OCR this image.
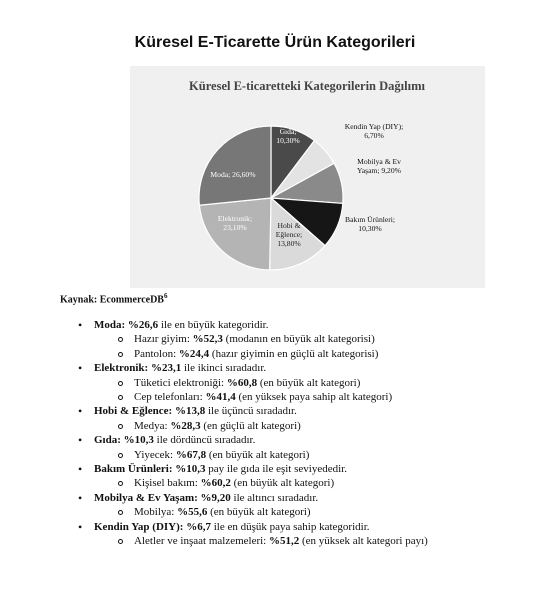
Küresel E-Ticarette Ürün Kategorileri
Küresel E-ticaretteki Kategorilerin Dağılımı
Gıda; 10,30%
Kendin Yap (DIY); 6,70%
Mobilya & Ev Yaşam; 9,20%
Bakım Ürünleri; 10,30%
Hobi & Eğlence; 13,80%
Elektronik; 23,10%
Moda; 26,60%
Kaynak: EcommerceDB$^6$
• Moda: %26,6 ile en büyük kategoridir.
Hazır giyim: %52,3 (modanın en büyük alt kategorisi)
Pantolon: %24,4 (hazır giyimin en güçlü alt kategorisi)
• Elektronik: %23,1 ile ikinci sıradadır.
Tüketici elektroniği: %60,8 (en büyük alt kategori)
Cep telefonları: %41,4 (en yüksek paya sahip alt kategori)
• Hobi & Eğlence: %13,8 ile üçüncü sıradadır.
Medya: %28,3 (en güçlü alt kategori)
• Gıda: %10,3 ile dördüncü sıradadır.
Yiyecek: %67,8 (en büyük alt kategori)
• Bakım Ürünleri: %10,3 pay ile gıda ile eşit seviyededir.
Kişisel bakım: %60,2 (en büyük alt kategori)
• Mobilya & Ev Yaşam: %9,20 ile altıncı sıradadır.
Mobilya: %55,6 (en büyük alt kategori)
• Kendin Yap (DIY): %6,7 ile en düşük paya sahip kategoridir.
Aletler ve inşaat malzemeleri: %51,2 (en yüksek alt kategori payı)
